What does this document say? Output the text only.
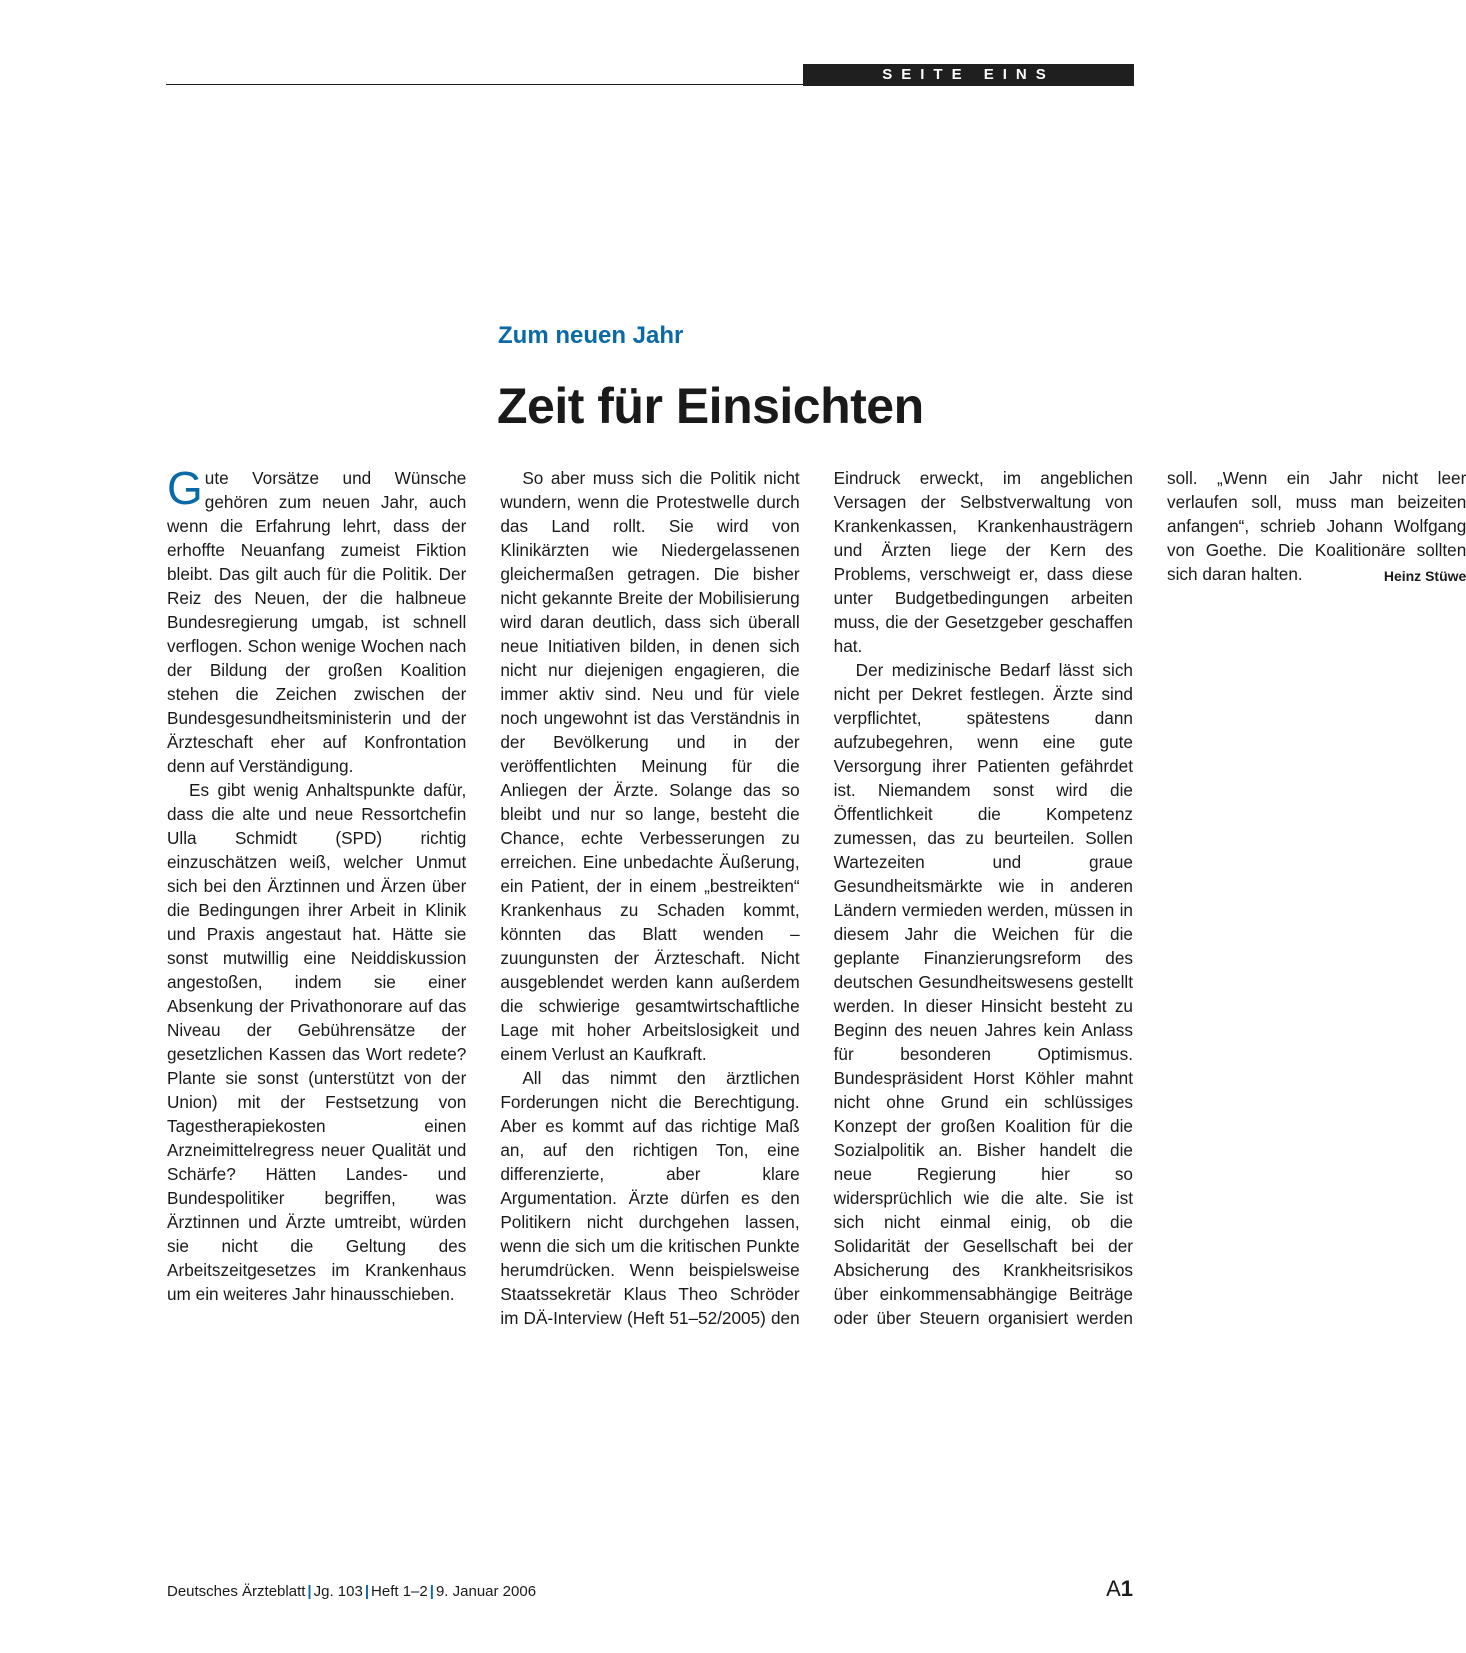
SEITE EINS
Zum neuen Jahr
Zeit für Einsichten

Gute Vorsätze und Wünsche gehören zum neuen Jahr, auch wenn die Erfahrung lehrt, dass der erhoffte Neuanfang zumeist Fiktion bleibt. Das gilt auch für die Politik. Der Reiz des Neuen, der die halbneue Bundesregierung umgab, ist schnell verflogen. Schon wenige Wochen nach der Bildung der großen Koalition stehen die Zeichen zwischen der Bundesgesundheitsministerin und der Ärzteschaft eher auf Konfrontation denn auf Verständigung.

Es gibt wenig Anhaltspunkte dafür, dass die alte und neue Ressortchefin Ulla Schmidt (SPD) richtig einzuschätzen weiß, welcher Unmut sich bei den Ärztinnen und Ärzen über die Bedingungen ihrer Arbeit in Klinik und Praxis angestaut hat. Hätte sie sonst mutwillig eine Neiddiskussion angestoßen, indem sie einer Absenkung der Privathonorare auf das Niveau der Gebührensätze der gesetzlichen Kassen das Wort redete? Plante sie sonst (unterstützt von der Union) mit der Festsetzung von Tagestherapiekosten einen Arzneimittelregress neuer Qualität und Schärfe? Hätten Landes- und Bundespolitiker begriffen, was Ärztinnen und Ärzte umtreibt, würden sie nicht die Geltung des Arbeitszeitgesetzes im Krankenhaus um ein weiteres Jahr hinausschieben.

So aber muss sich die Politik nicht wundern, wenn die Protestwelle durch das Land rollt. Sie wird von Klinikärzten wie Niedergelassenen gleichermaßen getragen. Die bisher nicht gekannte Breite der Mobilisierung wird daran deutlich, dass sich überall neue Initiativen bilden, in denen sich nicht nur diejenigen engagieren, die immer aktiv sind. Neu und für viele noch ungewohnt ist das Verständnis in der Bevölkerung und in der veröffentlichten Meinung für die Anliegen der Ärzte. Solange das so bleibt und nur so lange, besteht die Chance, echte Verbesserungen zu erreichen. Eine unbedachte Äußerung, ein Patient, der in einem „bestreikten“ Krankenhaus zu Schaden kommt, könnten das Blatt wenden – zuungunsten der Ärzteschaft. Nicht ausgeblendet werden kann außerdem die schwierige gesamtwirtschaftliche Lage mit hoher Arbeitslosigkeit und einem Verlust an Kaufkraft.

All das nimmt den ärztlichen Forderungen nicht die Berechtigung. Aber es kommt auf das richtige Maß an, auf den richtigen Ton, eine differenzierte, aber klare Argumentation. Ärzte dürfen es den Politikern nicht durchgehen lassen, wenn die sich um die kritischen Punkte herumdrücken. Wenn beispielsweise Staatssekretär Klaus Theo Schröder im DÄ-Interview (Heft 51–52/2005) den Eindruck erweckt, im angeblichen Versagen der Selbstverwaltung von Krankenkassen, Krankenhausträgern und Ärzten liege der Kern des Problems, verschweigt er, dass diese unter Budgetbedingungen arbeiten muss, die der Gesetzgeber geschaffen hat.

Der medizinische Bedarf lässt sich nicht per Dekret festlegen. Ärzte sind verpflichtet, spätestens dann aufzubegehren, wenn eine gute Versorgung ihrer Patienten gefährdet ist. Niemandem sonst wird die Öffentlichkeit die Kompetenz zumessen, das zu beurteilen. Sollen Wartezeiten und graue Gesundheitsmärkte wie in anderen Ländern vermieden werden, müssen in diesem Jahr die Weichen für die geplante Finanzierungsreform des deutschen Gesundheitswesens gestellt werden. In dieser Hinsicht besteht zu Beginn des neuen Jahres kein Anlass für besonderen Optimismus. Bundespräsident Horst Köhler mahnt nicht ohne Grund ein schlüssiges Konzept der großen Koalition für die Sozialpolitik an. Bisher handelt die neue Regierung hier so widersprüchlich wie die alte. Sie ist sich nicht einmal einig, ob die Solidarität der Gesellschaft bei der Absicherung des Krankheitsrisikos über einkommensabhängige Beiträge oder über Steuern organisiert werden soll. „Wenn ein Jahr nicht leer verlaufen soll, muss man beizeiten anfangen“, schrieb Johann Wolfgang von Goethe. Die Koalitionäre sollten sich daran halten.	Heinz Stüwe

Deutsches Ärzteblatt | Jg. 103 | Heft 1–2 | 9. Januar 2006	A1
